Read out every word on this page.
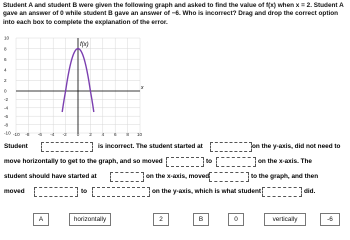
Student A and student B were given the following graph and asked to find the value of f(x) when x = 2. Student A gave an answer of 0 while student B gave an answer of −6. Who is incorrect? Drag and drop the correct option into each box to complete the explanation of the error.
x
f(x)
10
8
6
4
2
0
-2
-4
-6
-8
-10 -10 -8 -6 -4 -2 0 2 4 6 8 10
Student	is incorrect. The student started at	on the y-axis, did not need to
move horizontally to get to the graph, and so moved	to	on the x-axis. The
student should have started at	on the x-axis, moved	to the graph, and then
moved	to	on the y-axis, which is what student	did.
A	horizontally	2	B	0	vertically	-6
